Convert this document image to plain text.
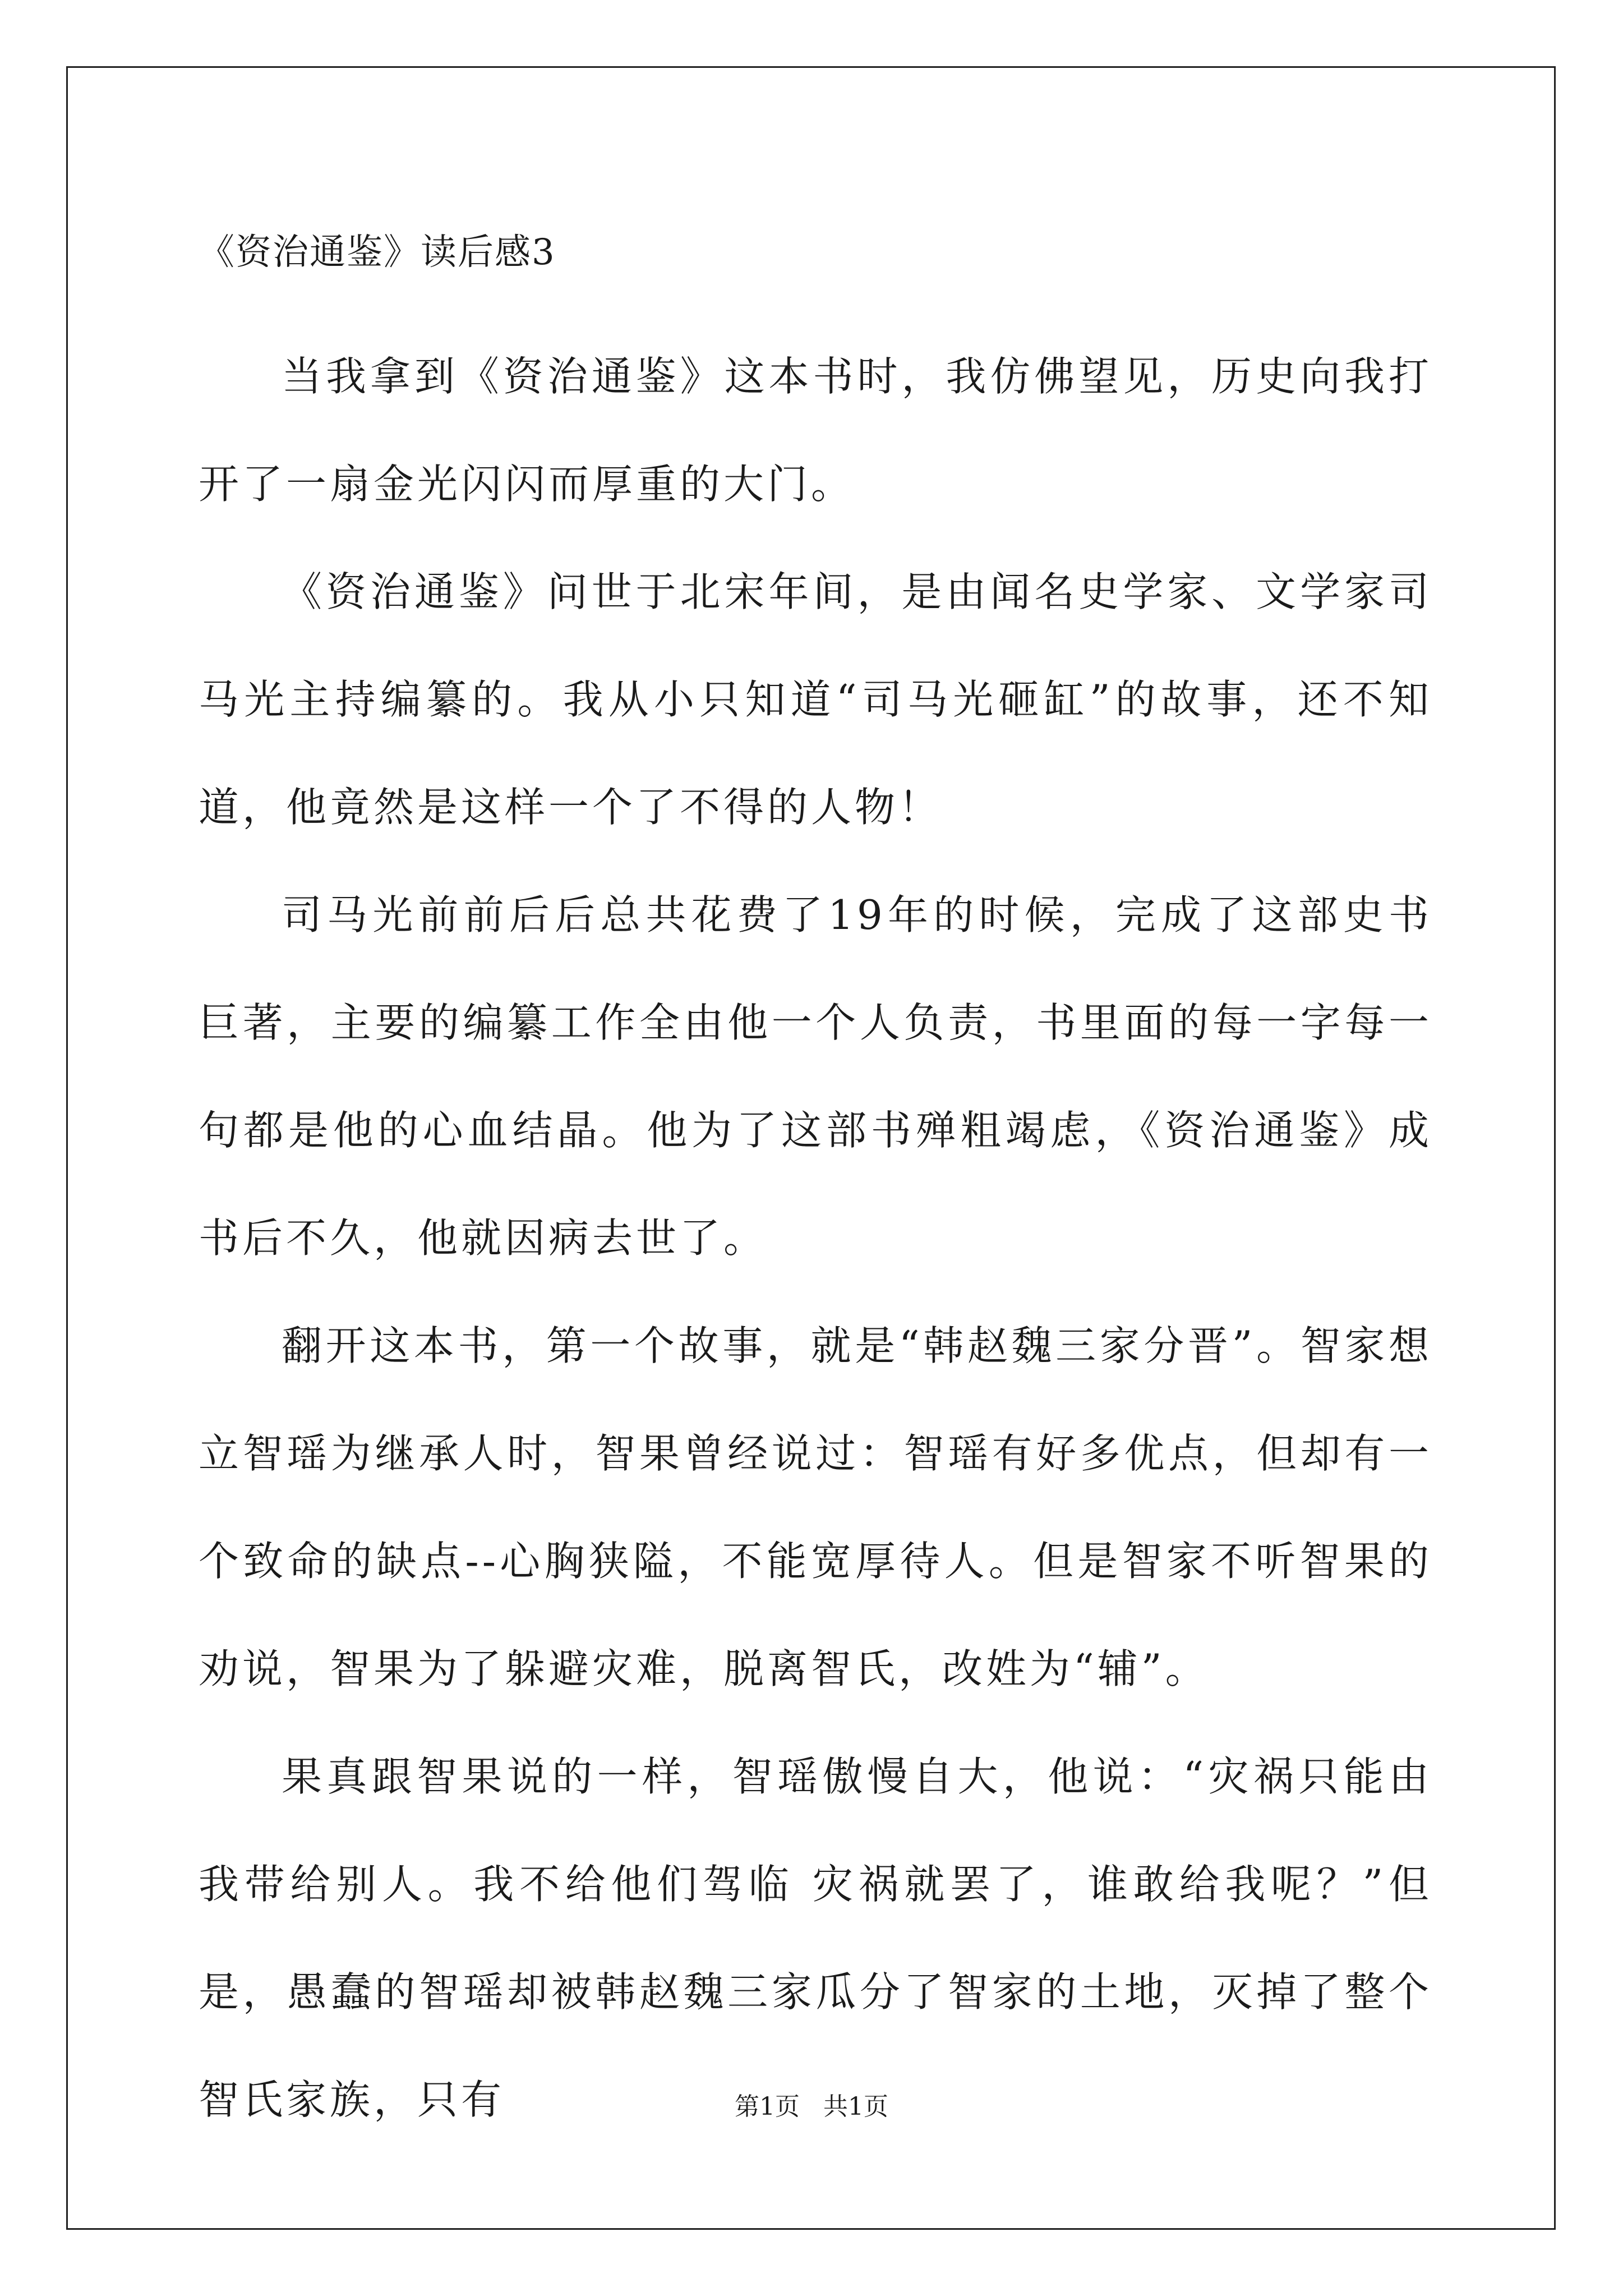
《资治通鉴》读后感3

当我拿到《资治通鉴》这本书时，我仿佛望见，历史向我打开了一扇金光闪闪而厚重的大门。

《资治通鉴》问世于北宋年间，是由闻名史学家、文学家司马光主持编纂的。我从小只知道“司马光砸缸”的故事，还不知道，他竟然是这样一个了不得的人物！

司马光前前后后总共花费了19年的时候，完成了这部史书巨著，主要的编纂工作全由他一个人负责，书里面的每一字每一句都是他的心血结晶。他为了这部书殚粗竭虑，《资治通鉴》成书后不久，他就因病去世了。

翻开这本书，第一个故事，就是“韩赵魏三家分晋”。智家想立智瑶为继承人时，智果曾经说过：智瑶有好多优点，但却有一个致命的缺点--心胸狭隘，不能宽厚待人。但是智家不听智果的劝说，智果为了躲避灾难，脱离智氏，改姓为“辅”。

果真跟智果说的一样，智瑶傲慢自大，他说：“灾祸只能由我带给别人。我不给他们驾临 灾祸就罢了，谁敢给我呢？”但是，愚蠢的智瑶却被韩赵魏三家瓜分了智家的土地，灭掉了整个智氏家族，只有	第1页   共1页
